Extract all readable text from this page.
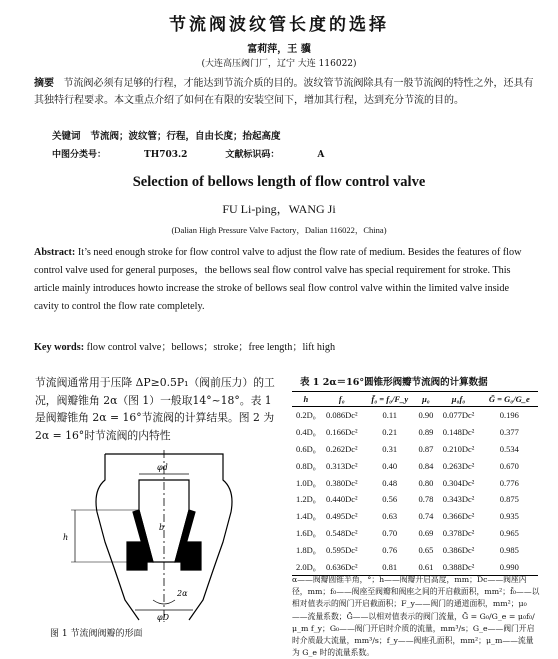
节流阀波纹管长度的选择
富莉萍，王 骥
(大连高压阀门厂，辽宁 大连 116022)
摘要 节流阀必须有足够的行程，才能达到节流介质的目的。波纹管节流阀除具有一般节流阀的特性之外，还具有其独特行程要求。本文重点介绍了如何在有限的安装空间下，增加其行程，达到充分节流的目的。
关键词 节流阀；波纹管；行程，自由长度；抬起高度
中图分类号：	TH703.2	文献标识码：	A
Selection of bellows length of flow control valve
FU Li-ping，WANG Ji
(Dalian High Pressure Valve Factory，Dalian 116022，China)
Abstract: It’s need enough stroke for flow control valve to adjust the flow rate of medium. Besides the features of flow control valve used for general purposes，the bellows seal flow control valve has special requirement for stroke. This article mainly introduces howto increase the stroke of bellows seal flow control valve within the limited valve inside cavity to control the flow rate completely.
Key words: flow control valve；bellows；stroke；free length；lift high
节流阀通常用于压降 ΔP≥0.5P₁（阀前压力）的工况，阀瓣锥角 2α（图 1）一般取14°~18°。表 1 是阀瓣锥角 2α = 16°节流阀的计算结果。图 2 为 2α = 16°时节流阀的内特性
φd
b
h
2α
φD
图 1 节流阀阀瓣的形面
表 1 2α＝16°圆锥形阀瓣节流阀的计算数据
h	f₀	f̄₀ = f₀/F_y	μ₀	μ₀f₀	Ḡ = G₀/G_e
0.2D₀	0.086Dc²	0.11	0.90	0.077Dc²	0.196
0.4D₀	0.166Dc²	0.21	0.89	0.148Dc²	0.377
0.6D₀	0.262Dc²	0.31	0.87	0.210Dc²	0.534
0.8D₀	0.313Dc²	0.40	0.84	0.263Dc²	0.670
1.0D₀	0.380Dc²	0.48	0.80	0.304Dc²	0.776
1.2D₀	0.440Dc²	0.56	0.78	0.343Dc²	0.875
1.4D₀	0.495Dc²	0.63	0.74	0.366Dc²	0.935
1.6D₀	0.548Dc²	0.70	0.69	0.378Dc²	0.965
1.8D₀	0.595Dc²	0.76	0.65	0.386Dc²	0.985
2.0D₀	0.636Dc²	0.81	0.61	0.388Dc²	0.990
α——阀瓣圆锥半角，°；h——阀瓣开启高度，mm；Dc——阀座内径，mm；f₀——阀座至阀瓣和阀座之间的开启截面积，mm²；f̄₀——以相对值表示的阀门开启截面积；F_y——阀门的通道面积，mm²；μ₀——流量系数；Ḡ——以相对值表示的阀门流量，Ḡ = G₀/G_e = μ₀f₀/μ_m f_y；G₀——阀门开启时介质的流量，mm³/s；G_e——阀门开启时介质最大流量，mm³/s；f_y——阀座孔面积，mm²；μ_m——流量为 G_e 时的流量系数。
